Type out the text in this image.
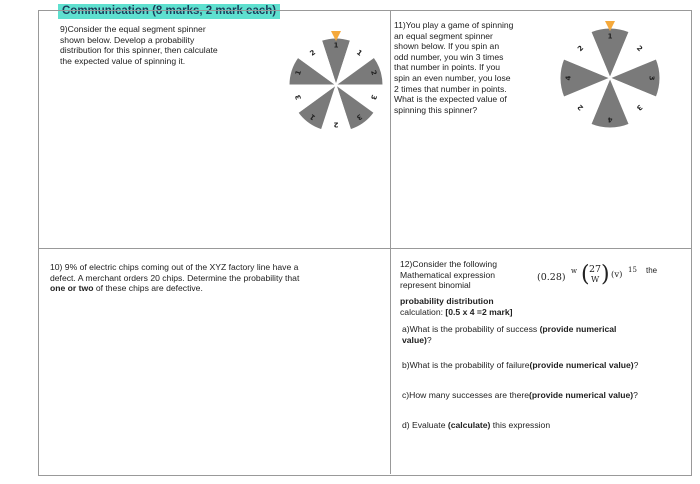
Communication (8 marks, 2 mark each)
9)Consider the equal segment spinner
shown below. Develop a probability
distribution for this spinner, then calculate
the expected value of spinning it.
1
1
2
3
3
2
1
3
1
2
11)You play a game of spinning
an equal segment spinner
shown below. If you spin an
odd number, you win 3 times
that number in points. If you
spin an even number, you lose
2 times that number in points.
What is the expected value of
spinning this spinner?
1
2
3
3
4
2
4
2
10) 9% of electric chips coming out of the XYZ factory line have a
defect. A merchant orders 20 chips. Determine the probability that
one or two of these chips are defective.
12)Consider the following
Mathematical expression
represent binomial
(0.28)
w ( 27
W ) (v) 15 the
probability distribution
calculation: [0.5 x 4 =2 mark]
a)What is the probability of success (provide numerical value)?
b)What is the probability of failure(provide numerical value)?
c)How many successes are there(provide numerical value)?
d) Evaluate (calculate) this expression
